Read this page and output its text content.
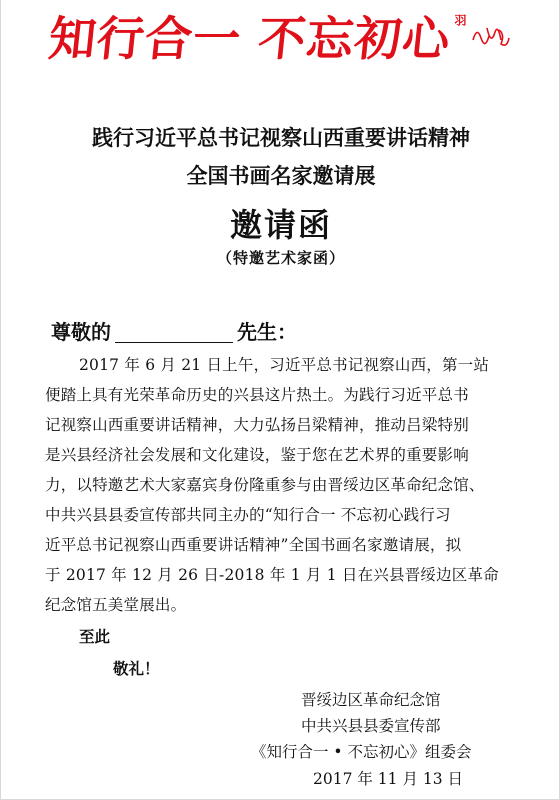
知行合一 不忘初心 羽
践行习近平总书记视察山西重要讲话精神
全国书画名家邀请展
邀请函
（特邀艺术家函）
尊敬的	先生：
2017 年 6 月 21 日上午，习近平总书记视察山西，第一站
便踏上具有光荣革命历史的兴县这片热土。为践行习近平总书
记视察山西重要讲话精神，大力弘扬吕梁精神，推动吕梁特别
是兴县经济社会发展和文化建设，鉴于您在艺术界的重要影响
力，以特邀艺术大家嘉宾身份隆重参与由晋绥边区革命纪念馆、
中共兴县县委宣传部共同主办的“知行合一 不忘初心践行习
近平总书记视察山西重要讲话精神”全国书画名家邀请展，拟
于 2017 年 12 月 26 日-2018 年 1 月 1 日在兴县晋绥边区革命
纪念馆五美堂展出。
至此
敬礼！
晋绥边区革命纪念馆
中共兴县县委宣传部
《知行合一 • 不忘初心》组委会
2017 年 11 月 13 日
